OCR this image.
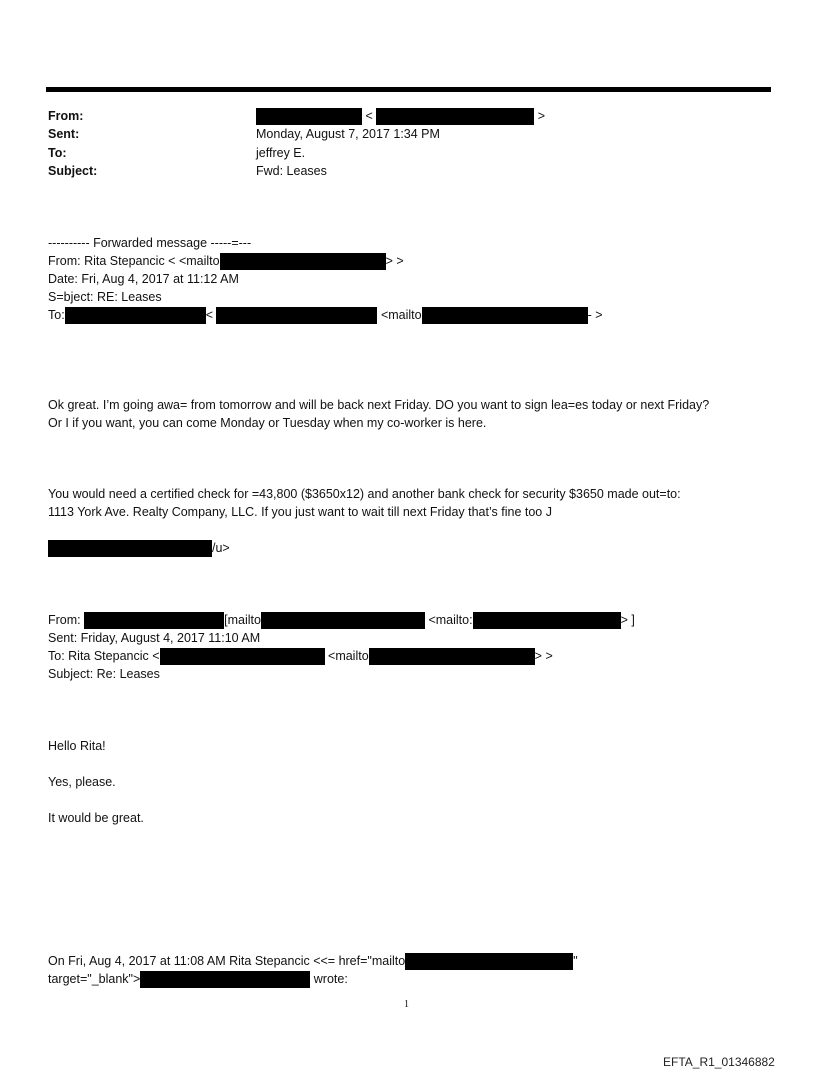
From:	<	>
Sent:	Monday, August 7, 2017 1:34 PM
To:	jeffrey E.
Subject:	Fwd: Leases
---------- Forwarded message -----=---
From: Rita Stepancic < <mailto	> >
Date: Fri, Aug 4, 2017 at 11:12 AM
S=bject: RE: Leases
To:	<	<mailto	- >
Ok great. I’m going awa= from tomorrow and will be back next Friday. DO you want to sign lea=es today or next Friday?
Or I if you want, you can come Monday or Tuesday when my co-worker is here.
You would need a certified check for =43,800 ($3650x12) and another bank check for security $3650 made out=to:
1113 York Ave. Realty Company, LLC. If you just want to wait till next Friday that’s fine too J
/u>
From:	[mailto	<mailto:	> ]
Sent: Friday, August 4, 2017 11:10 AM
To: Rita Stepancic <	<mailto	> >
Subject: Re: Leases
Hello Rita!
Yes, please.
It would be great.
On Fri, Aug 4, 2017 at 11:08 AM Rita Stepancic <<= href="mailto	"
target="_blank">	wrote:
1
EFTA_R1_01346882
